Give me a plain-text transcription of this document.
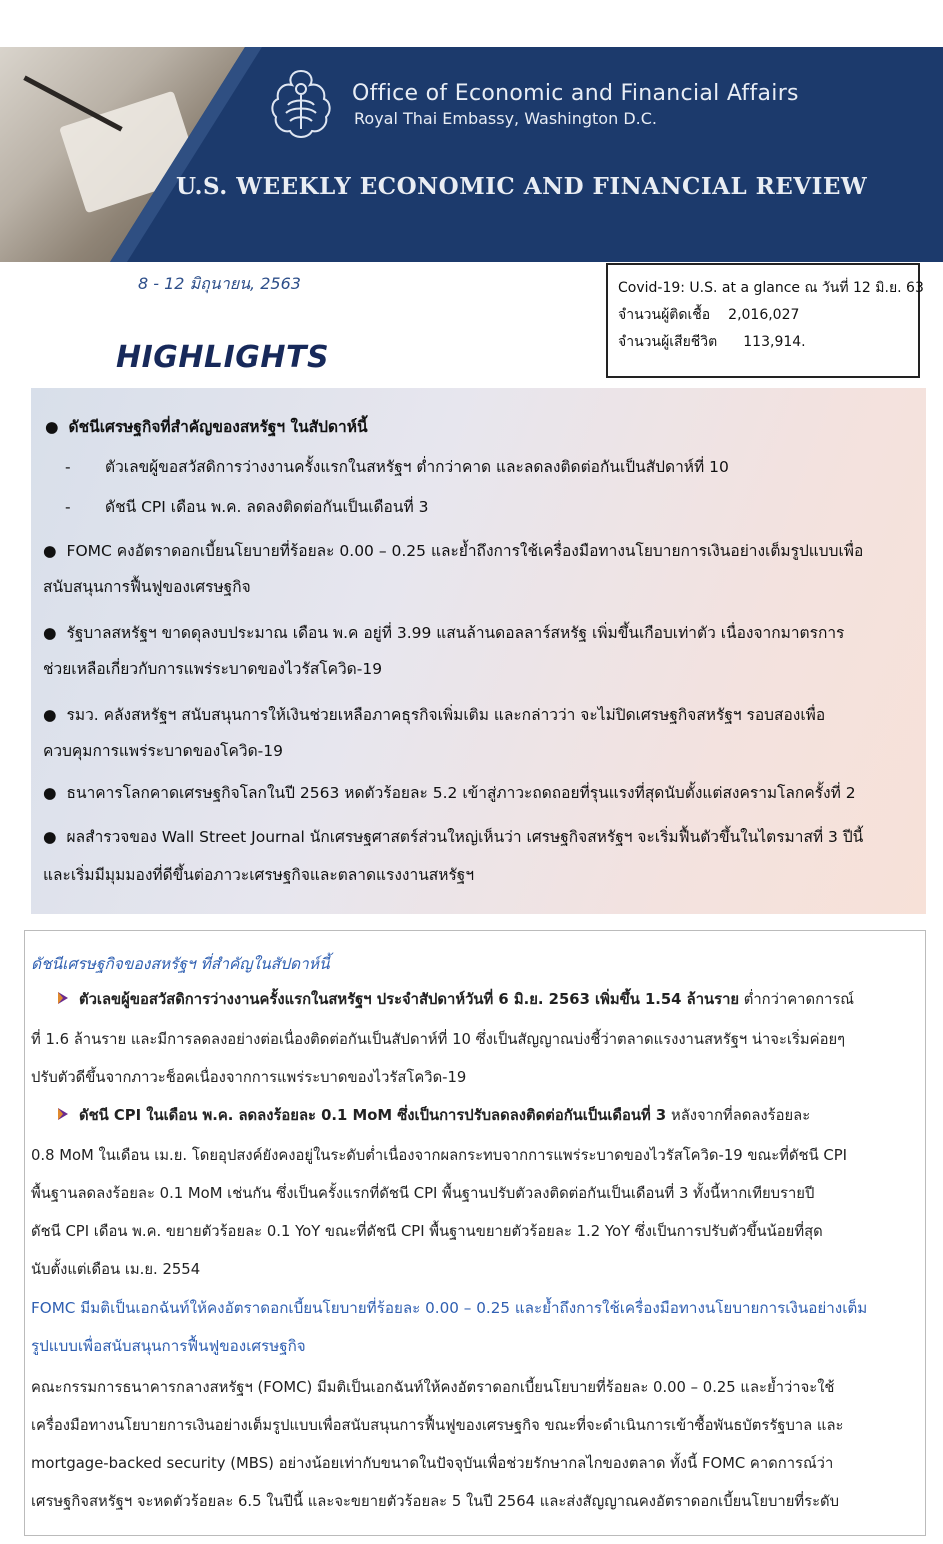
Office of Economic and Financial Affairs
Royal Thai Embassy, Washington D.C.
U.S. WEEKLY ECONOMIC AND FINANCIAL REVIEW
8 - 12 มิถุนายน, 2563
HIGHLIGHTS
Covid-19: U.S. at a glance ณ วันที่ 12 มิ.ย. 63
จำนวนผู้ติดเชื้อ 2,016,027
จำนวนผู้เสียชีวิต 113,914.
● ดัชนีเศรษฐกิจที่สำคัญของสหรัฐฯ ในสัปดาห์นี้
- ตัวเลขผู้ขอสวัสดิการว่างงานครั้งแรกในสหรัฐฯ ต่ำกว่าคาด และลดลงติดต่อกันเป็นสัปดาห์ที่ 10
- ดัชนี CPI เดือน พ.ค. ลดลงติดต่อกันเป็นเดือนที่ 3
● FOMC คงอัตราดอกเบี้ยนโยบายที่ร้อยละ 0.00 – 0.25 และย้ำถึงการใช้เครื่องมือทางนโยบายการเงินอย่างเต็มรูปแบบเพื่อ
สนับสนุนการฟื้นฟูของเศรษฐกิจ
● รัฐบาลสหรัฐฯ ขาดดุลงบประมาณ เดือน พ.ค อยู่ที่ 3.99 แสนล้านดอลลาร์สหรัฐ เพิ่มขึ้นเกือบเท่าตัว เนื่องจากมาตรการ
ช่วยเหลือเกี่ยวกับการแพร่ระบาดของไวรัสโควิด-19
● รมว. คลังสหรัฐฯ สนับสนุนการให้เงินช่วยเหลือภาคธุรกิจเพิ่มเติม และกล่าวว่า จะไม่ปิดเศรษฐกิจสหรัฐฯ รอบสองเพื่อ
ควบคุมการแพร่ระบาดของโควิด-19
● ธนาคารโลกคาดเศรษฐกิจโลกในปี 2563 หดตัวร้อยละ 5.2 เข้าสู่ภาวะถดถอยที่รุนแรงที่สุดนับตั้งแต่สงครามโลกครั้งที่ 2
● ผลสำรวจของ Wall Street Journal นักเศรษฐศาสตร์ส่วนใหญ่เห็นว่า เศรษฐกิจสหรัฐฯ จะเริ่มฟื้นตัวขึ้นในไตรมาสที่ 3 ปีนี้
และเริ่มมีมุมมองที่ดีขึ้นต่อภาวะเศรษฐกิจและตลาดแรงงานสหรัฐฯ
ดัชนีเศรษฐกิจของสหรัฐฯ ที่สำคัญในสัปดาห์นี้
ตัวเลขผู้ขอสวัสดิการว่างงานครั้งแรกในสหรัฐฯ ประจำสัปดาห์วันที่ 6 มิ.ย. 2563 เพิ่มขึ้น 1.54 ล้านราย ต่ำกว่าคาดการณ์
ที่ 1.6 ล้านราย และมีการลดลงอย่างต่อเนื่องติดต่อกันเป็นสัปดาห์ที่ 10 ซึ่งเป็นสัญญาณบ่งชี้ว่าตลาดแรงงานสหรัฐฯ น่าจะเริ่มค่อยๆ
ปรับตัวดีขึ้นจากภาวะช็อคเนื่องจากการแพร่ระบาดของไวรัสโควิด-19
ดัชนี CPI ในเดือน พ.ค. ลดลงร้อยละ 0.1 MoM ซึ่งเป็นการปรับลดลงติดต่อกันเป็นเดือนที่ 3 หลังจากที่ลดลงร้อยละ
0.8 MoM ในเดือน เม.ย. โดยอุปสงค์ยังคงอยู่ในระดับต่ำเนื่องจากผลกระทบจากการแพร่ระบาดของไวรัสโควิด-19 ขณะที่ดัชนี CPI
พื้นฐานลดลงร้อยละ 0.1 MoM เช่นกัน ซึ่งเป็นครั้งแรกที่ดัชนี CPI พื้นฐานปรับตัวลงติดต่อกันเป็นเดือนที่ 3 ทั้งนี้หากเทียบรายปี
ดัชนี CPI เดือน พ.ค. ขยายตัวร้อยละ 0.1 YoY ขณะที่ดัชนี CPI พื้นฐานขยายตัวร้อยละ 1.2 YoY ซึ่งเป็นการปรับตัวขึ้นน้อยที่สุด
นับตั้งแต่เดือน เม.ย. 2554
FOMC มีมติเป็นเอกฉันท์ให้คงอัตราดอกเบี้ยนโยบายที่ร้อยละ 0.00 – 0.25 และย้ำถึงการใช้เครื่องมือทางนโยบายการเงินอย่างเต็ม
รูปแบบเพื่อสนับสนุนการฟื้นฟูของเศรษฐกิจ
คณะกรรมการธนาคารกลางสหรัฐฯ (FOMC) มีมติเป็นเอกฉันท์ให้คงอัตราดอกเบี้ยนโยบายที่ร้อยละ 0.00 – 0.25 และย้ำว่าจะใช้
เครื่องมือทางนโยบายการเงินอย่างเต็มรูปแบบเพื่อสนับสนุนการฟื้นฟูของเศรษฐกิจ ขณะที่จะดำเนินการเข้าซื้อพันธบัตรรัฐบาล และ
mortgage-backed security (MBS) อย่างน้อยเท่ากับขนาดในปัจจุบันเพื่อช่วยรักษากลไกของตลาด ทั้งนี้ FOMC คาดการณ์ว่า
เศรษฐกิจสหรัฐฯ จะหดตัวร้อยละ 6.5 ในปีนี้ และจะขยายตัวร้อยละ 5 ในปี 2564 และส่งสัญญาณคงอัตราดอกเบี้ยนโยบายที่ระดับ
